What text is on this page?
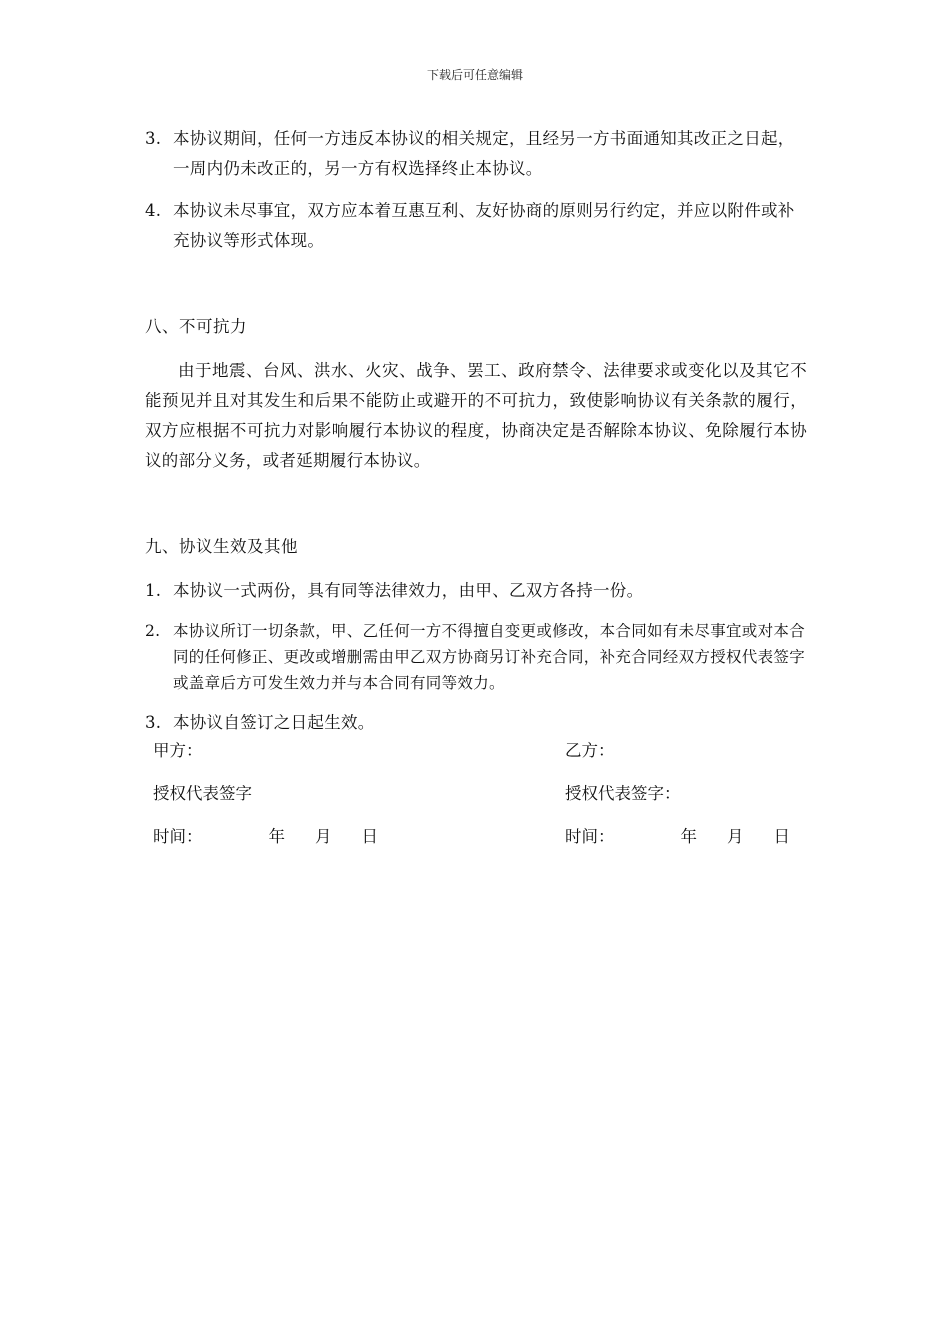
下载后可任意编辑
3. 本协议期间，任何一方违反本协议的相关规定，且经另一方书面通知其改正之日起，一周内仍未改正的，另一方有权选择终止本协议。
4. 本协议未尽事宜，双方应本着互惠互利、友好协商的原则另行约定，并应以附件或补充协议等形式体现。
八、不可抗力
由于地震、台风、洪水、火灾、战争、罢工、政府禁令、法律要求或变化以及其它不能预见并且对其发生和后果不能防止或避开的不可抗力，致使影响协议有关条款的履行，双方应根据不可抗力对影响履行本协议的程度，协商决定是否解除本协议、免除履行本协议的部分义务，或者延期履行本协议。
九、协议生效及其他
1. 本协议一式两份，具有同等法律效力，由甲、乙双方各持一份。
2. 本协议所订一切条款，甲、乙任何一方不得擅自变更或修改，本合同如有未尽事宜或对本合同的任何修正、更改或增删需由甲乙双方协商另订补充合同，补充合同经双方授权代表签字或盖章后方可发生效力并与本合同有同等效力。
3. 本协议自签订之日起生效。
甲方：	乙方：
授权代表签字	授权代表签字：
时间：	年 月 日	时间：	年 月 日
